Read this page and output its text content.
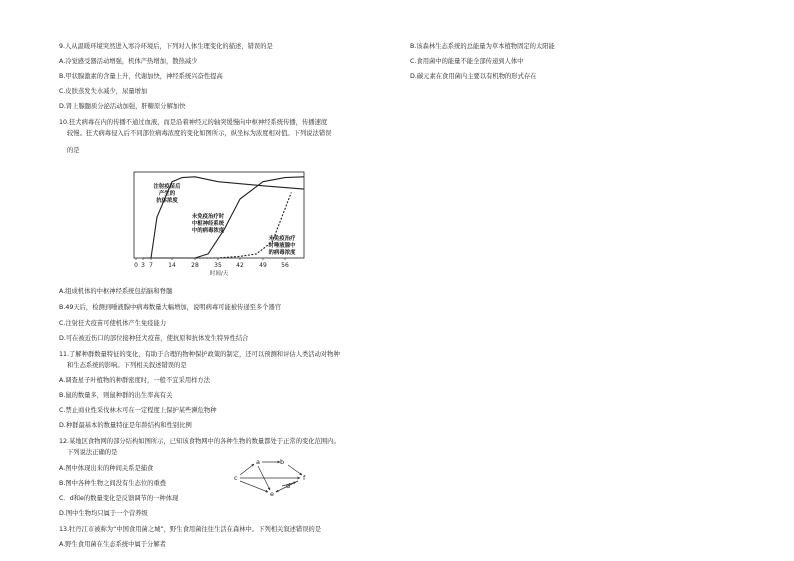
9.人从温暖环境突然进入寒冷环境后，下列对人体生理变化的描述，错误的是
A.冷觉感受器活动增强，机体产热增加，散热减少
B.甲状腺激素的含量上升，代谢加快，神经系统兴奋性提高
C.皮肤蒸发失水减少，尿量增加
D.肾上腺髓质分泌活动加强，肝糖原分解加快
10.狂犬病毒在内的传播不通过血液，而是沿着神经元的轴突缓慢向中枢神经系统传播，传播速度
较慢。狂犬病毒侵入后不同部位病毒浓度的变化如图所示，纵坐标为浓度相对值。下列说法错误
的是
0 3 7	14	28	35 42	49 56
时间/天
注射疫苗后
产生的
抗体浓度
未免疫治疗时
中枢神经系统
中的病毒浓度
未免疫治疗
时唾液腺中
的病毒浓度
A.组成机体的中枢神经系统包括脑和脊髓
B.49天后，检测到唾液腺中病毒数量大幅增加，说明病毒可能被传递至多个器官
C.注射狂犬疫苗可使机体产生免疫能力
D.可在被近伤口的部位接种狂犬疫苗，使抗原和抗体发生特异性结合
11.了解种群数量特征的变化，有助于合理的物种保护政策的制定，还可以预测和评估人类活动对物种
和生态系统的影响。下列相关叙述错误的是
A.调查星子叶植物的种群密度时，一般不宜采用样方法
B.鼠的数量多，则鼠种群的出生率高有关
C.禁止商业性采伐林木可在一定程度上保护某些濒危物种
D.种群最基本的数量特征是年龄结构和性别比例
12.某地区食物网的部分结构如图所示，已知该食物网中的各种生物的数量都处于正常的变化范围内。
下列说法正确的是
A.图中体现出来的种间关系是捕食
B.图中各种生物之间没有生态位的重叠
C．d和e的数量变化是反馈调节的一种体现
D.图中生物均只属于一个营养级
a	b
c
d
e
f
13.牡丹江市被称为“中国食用菌之城”，野生食用菌往往生活在森林中。下列相关叙述错误的是
A.野生食用菌在生态系统中属于分解者
B.该森林生态系统的总能量为草本植物固定的太阳能
C.食用菌中的能量不能全部传递到人体中
D.碳元素在食用菌内主要以有机物的形式存在
